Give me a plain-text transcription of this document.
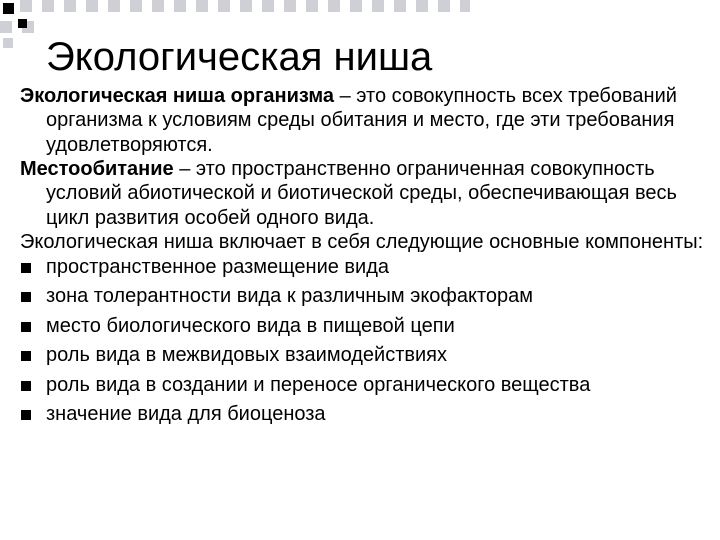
Экологическая ниша

Экологическая ниша организма – это совокупность всех требований организма к условиям среды обитания и место, где эти требования удовлетворяются.

Местообитание – это пространственно ограниченная совокупность условий абиотической и биотической среды, обеспечивающая весь цикл развития особей одного вида.

Экологическая ниша включает в себя следующие основные компоненты:

пространственное размещение вида
зона толерантности вида к различным экофакторам
место биологического вида в пищевой цепи
роль вида в межвидовых взаимодействиях
роль вида в создании и переносе органического вещества
значение вида для биоценоза
